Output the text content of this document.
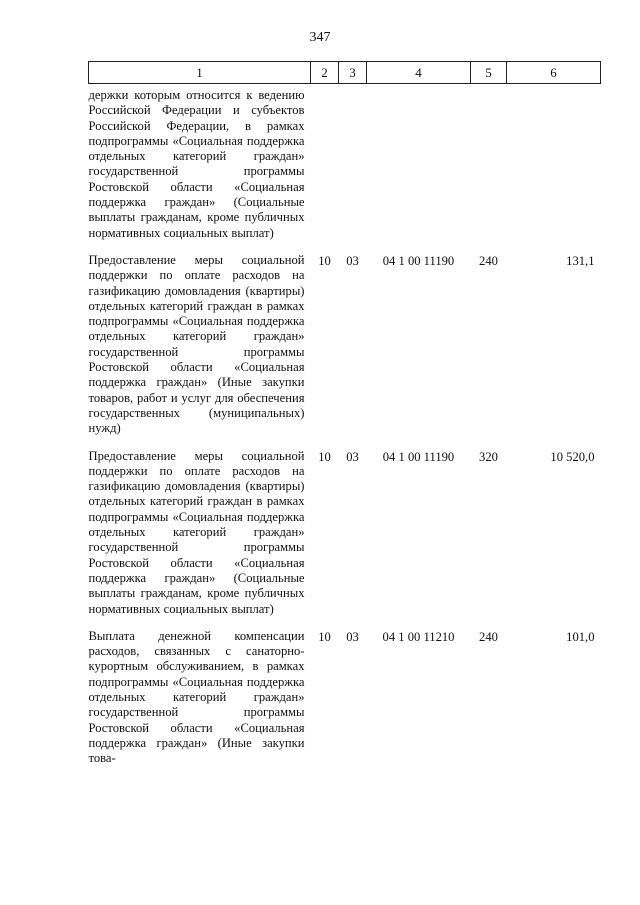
347
1	2	3	4	5	6
держки которым относится к ведению Российской Федерации и субъектов Российской Федерации, в рамках подпрограммы «Социальная поддержка отдельных категорий граждан» государственной программы Ростовской области «Социальная поддержка граждан» (Социальные выплаты гражданам, кроме публичных нормативных социальных выплат)					
Предоставление меры социальной поддержки по оплате расходов на газификацию домовладения (квартиры) отдельных категорий граждан в рамках подпрограммы «Социальная поддержка отдельных категорий граждан» государственной программы Ростовской области «Социальная поддержка граждан» (Иные закупки товаров, работ и услуг для обеспечения государственных (муниципальных) нужд)	10	03	04 1 00 11190	240	131,1
Предоставление меры социальной поддержки по оплате расходов на газификацию домовладения (квартиры) отдельных категорий граждан в рамках подпрограммы «Социальная поддержка отдельных категорий граждан» государственной программы Ростовской области «Социальная поддержка граждан» (Социальные выплаты гражданам, кроме публичных нормативных социальных выплат)	10	03	04 1 00 11190	320	10 520,0
Выплата денежной компенсации расходов, связанных с санаторно-курортным обслуживанием, в рамках подпрограммы «Социальная поддержка отдельных категорий граждан» государственной программы Ростовской области «Социальная поддержка граждан» (Иные закупки това-	10	03	04 1 00 11210	240	101,0
